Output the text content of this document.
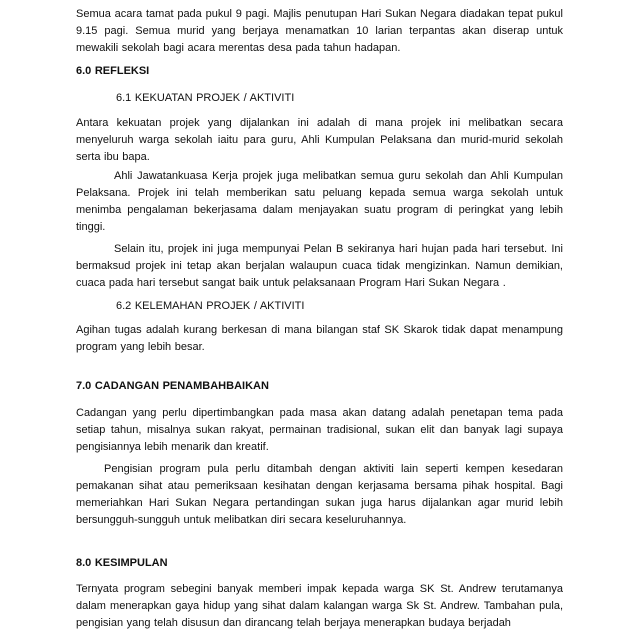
Semua acara tamat pada pukul 9 pagi. Majlis penutupan Hari Sukan Negara diadakan tepat pukul 9.15 pagi. Semua murid yang berjaya menamatkan 10 larian terpantas akan diserap untuk mewakili sekolah bagi acara merentas desa pada tahun hadapan.

6.0 REFLEKSI

6.1 KEKUATAN PROJEK / AKTIVITI

Antara kekuatan projek yang dijalankan ini adalah di mana projek ini melibatkan secara menyeluruh warga sekolah iaitu para guru, Ahli Kumpulan Pelaksana dan murid-murid sekolah serta ibu bapa.

Ahli Jawatankuasa Kerja projek juga melibatkan semua guru sekolah dan Ahli Kumpulan Pelaksana. Projek ini telah memberikan satu peluang kepada semua warga sekolah untuk menimba pengalaman bekerjasama dalam menjayakan suatu program di peringkat yang lebih tinggi.

Selain itu, projek ini juga mempunyai Pelan B sekiranya hari hujan pada hari tersebut. Ini bermaksud projek ini tetap akan berjalan walaupun cuaca tidak mengizinkan. Namun demikian, cuaca pada hari tersebut sangat baik untuk pelaksanaan Program Hari Sukan Negara .

6.2 KELEMAHAN PROJEK / AKTIVITI

Agihan tugas adalah kurang berkesan di mana bilangan staf SK Skarok tidak dapat menampung program yang lebih besar.

7.0 CADANGAN PENAMBAHBAIKAN

Cadangan yang perlu dipertimbangkan pada masa akan datang adalah penetapan tema pada setiap tahun, misalnya sukan rakyat, permainan tradisional, sukan elit dan banyak lagi supaya pengisiannya lebih menarik dan kreatif.

Pengisian program pula perlu ditambah dengan aktiviti lain seperti kempen kesedaran pemakanan sihat atau pemeriksaan kesihatan dengan kerjasama bersama pihak hospital. Bagi memeriahkan Hari Sukan Negara pertandingan sukan juga harus dijalankan agar murid lebih bersungguh-sungguh untuk melibatkan diri secara keseluruhannya.

8.0 KESIMPULAN

Ternyata program sebegini banyak memberi impak kepada warga SK St. Andrew terutamanya dalam menerapkan gaya hidup yang sihat dalam kalangan warga Sk St. Andrew. Tambahan pula, pengisian yang telah disusun dan dirancang telah berjaya menerapkan budaya berjadah
